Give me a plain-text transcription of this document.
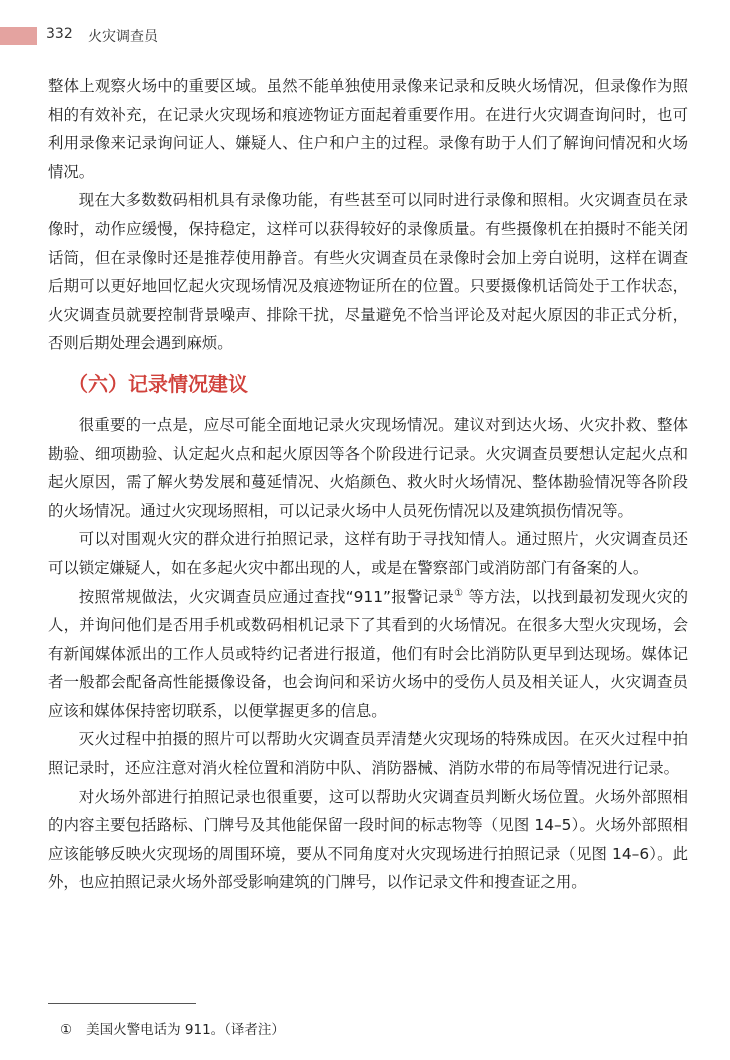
332 火灾调查员

整体上观察火场中的重要区域。虽然不能单独使用录像来记录和反映火场情况，但录像作为照相的有效补充，在记录火灾现场和痕迹物证方面起着重要作用。在进行火灾调查询问时，也可利用录像来记录询问证人、嫌疑人、住户和户主的过程。录像有助于人们了解询问情况和火场情况。

现在大多数数码相机具有录像功能，有些甚至可以同时进行录像和照相。火灾调查员在录像时，动作应缓慢，保持稳定，这样可以获得较好的录像质量。有些摄像机在拍摄时不能关闭话筒，但在录像时还是推荐使用静音。有些火灾调查员在录像时会加上旁白说明，这样在调查后期可以更好地回忆起火灾现场情况及痕迹物证所在的位置。只要摄像机话筒处于工作状态，火灾调查员就要控制背景噪声、排除干扰，尽量避免不恰当评论及对起火原因的非正式分析，否则后期处理会遇到麻烦。

（六）记录情况建议

很重要的一点是，应尽可能全面地记录火灾现场情况。建议对到达火场、火灾扑救、整体勘验、细项勘验、认定起火点和起火原因等各个阶段进行记录。火灾调查员要想认定起火点和起火原因，需了解火势发展和蔓延情况、火焰颜色、救火时火场情况、整体勘验情况等各阶段的火场情况。通过火灾现场照相，可以记录火场中人员死伤情况以及建筑损伤情况等。

可以对围观火灾的群众进行拍照记录，这样有助于寻找知情人。通过照片，火灾调查员还可以锁定嫌疑人，如在多起火灾中都出现的人，或是在警察部门或消防部门有备案的人。

按照常规做法，火灾调查员应通过查找“911”报警记录① 等方法，以找到最初发现火灾的人，并询问他们是否用手机或数码相机记录下了其看到的火场情况。在很多大型火灾现场，会有新闻媒体派出的工作人员或特约记者进行报道，他们有时会比消防队更早到达现场。媒体记者一般都会配备高性能摄像设备，也会询问和采访火场中的受伤人员及相关证人，火灾调查员应该和媒体保持密切联系，以便掌握更多的信息。

灭火过程中拍摄的照片可以帮助火灾调查员弄清楚火灾现场的特殊成因。在灭火过程中拍照记录时，还应注意对消火栓位置和消防中队、消防器械、消防水带的布局等情况进行记录。

对火场外部进行拍照记录也很重要，这可以帮助火灾调查员判断火场位置。火场外部照相的内容主要包括路标、门牌号及其他能保留一段时间的标志物等（见图 14–5）。火场外部照相应该能够反映火灾现场的周围环境，要从不同角度对火灾现场进行拍照记录（见图 14–6）。此外，也应拍照记录火场外部受影响建筑的门牌号，以作记录文件和搜查证之用。

① 美国火警电话为 911。（译者注）
